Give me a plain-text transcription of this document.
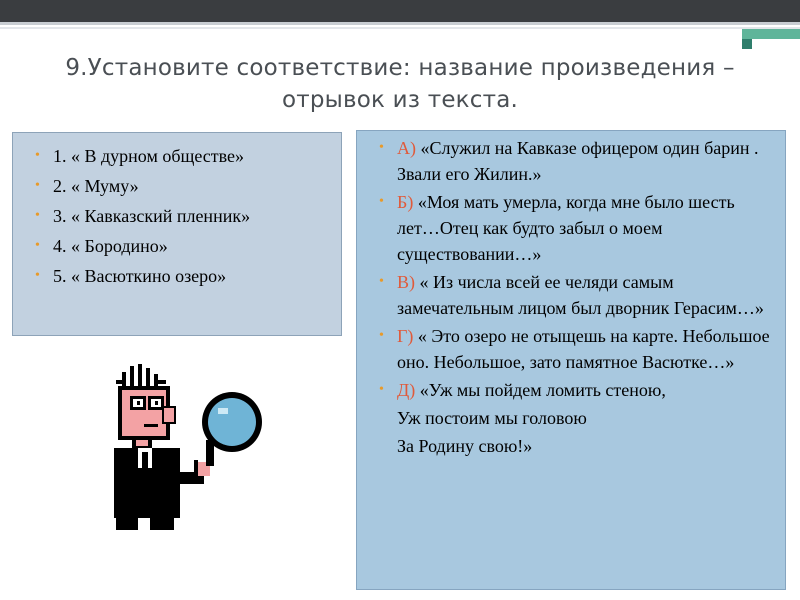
9.Установите соответствие: название произведения – отрывок из текста.
• 1. « В дурном обществе»
• 2. « Муму»
• 3. « Кавказский пленник»
• 4. « Бородино»
• 5. « Васюткино озеро»
• А) «Служил на Кавказе офицером один барин . Звали его Жилин.»
• Б) «Моя мать умерла, когда мне было шесть лет…Отец как будто забыл о моем существовании…»
• В) « Из числа всей ее челяди самым замечательным лицом был дворник Герасим…»
• Г) « Это озеро не отыщешь на карте. Небольшое оно. Небольшое, зато памятное Васютке…»
• Д) «Уж мы пойдем ломить стеною,
Уж постоим мы головою
За Родину свою!»
